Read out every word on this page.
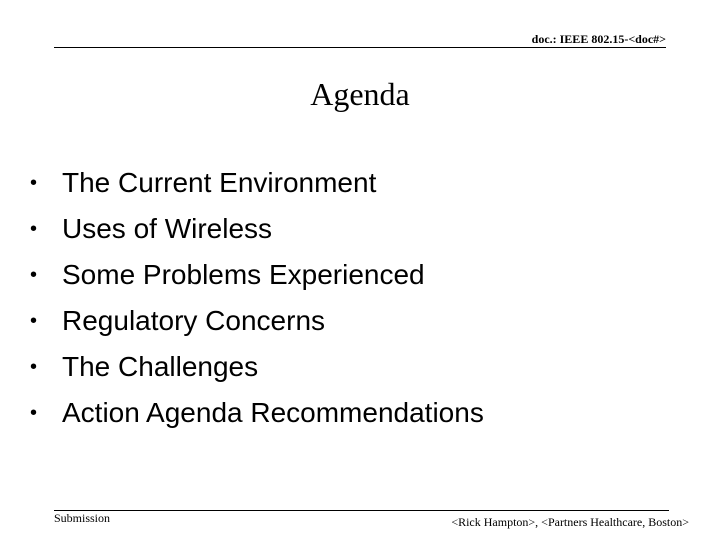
doc.: IEEE 802.15-<doc#>
Agenda
• The Current Environment
• Uses of Wireless
• Some Problems Experienced
• Regulatory Concerns
• The Challenges
• Action Agenda Recommendations
Submission	<Rick Hampton>, <Partners Healthcare, Boston>
